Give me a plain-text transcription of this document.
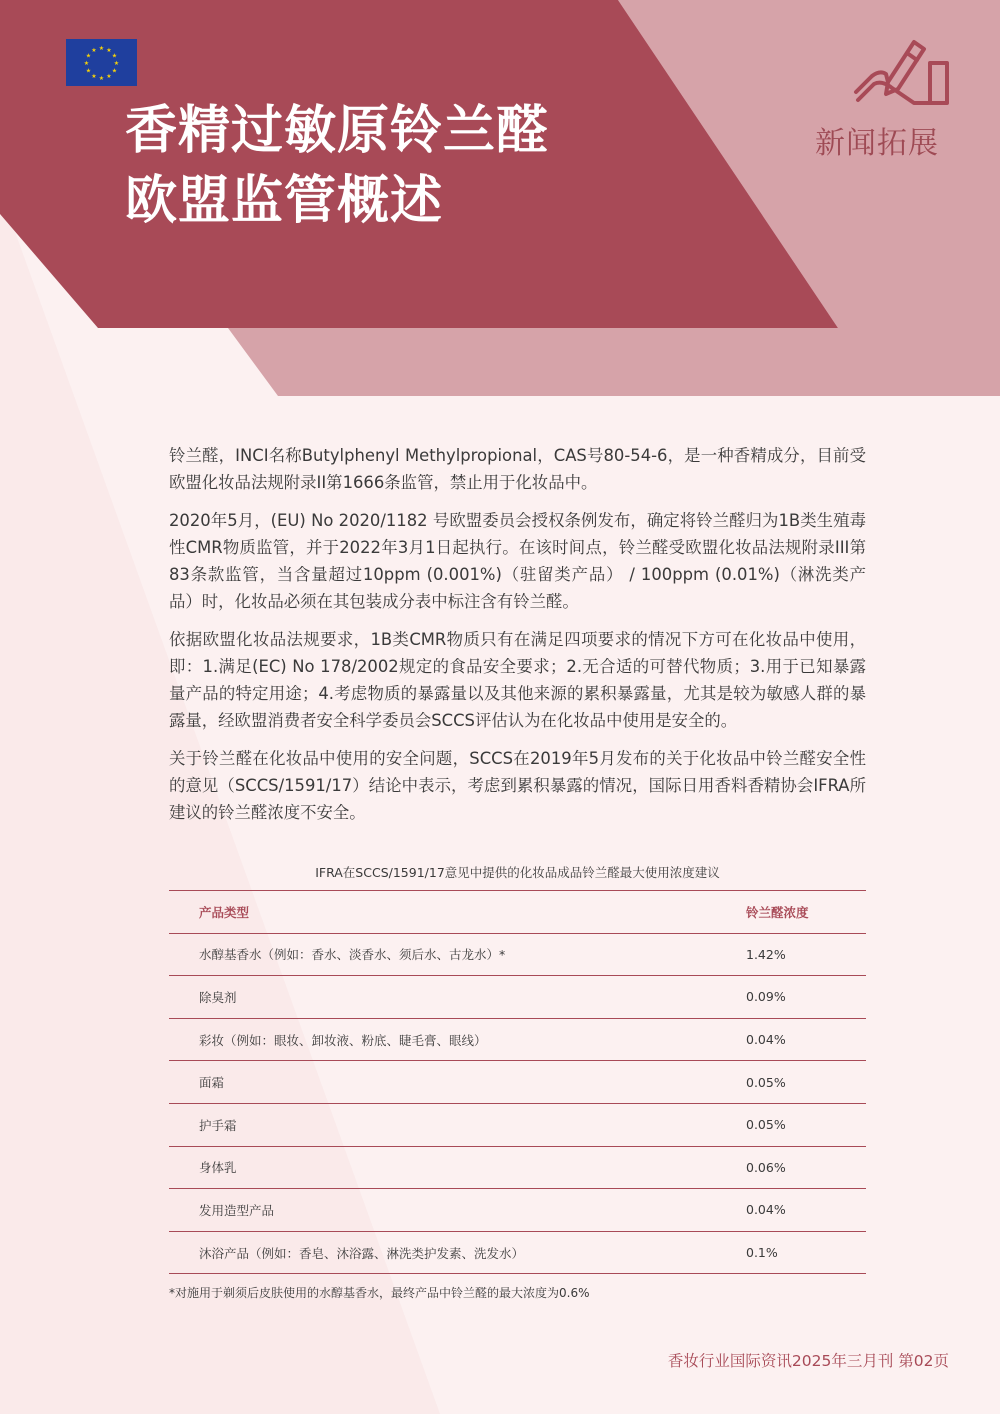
★ ★
★
★
★
★
★
★
★
★
★
★
香精过敏原铃兰醛
欧盟监管概述
新闻拓展

铃兰醛，INCI名称Butylphenyl Methylpropional，CAS号80-54-6，是一种香精成分，目前受欧盟化妆品法规附录II第1666条监管，禁止用于化妆品中。

2020年5月，(EU) No 2020/1182 号欧盟委员会授权条例发布，确定将铃兰醛归为1B类生殖毒性CMR物质监管，并于2022年3月1日起执行。在该时间点，铃兰醛受欧盟化妆品法规附录III第83条款监管，当含量超过10ppm (0.001%)（驻留类产品） / 100ppm (0.01%)（淋洗类产品）时，化妆品必须在其包装成分表中标注含有铃兰醛。

依据欧盟化妆品法规要求，1B类CMR物质只有在满足四项要求的情况下方可在化妆品中使用，即：1.满足(EC) No 178/2002规定的食品安全要求；2.无合适的可替代物质；3.用于已知暴露量产品的特定用途；4.考虑物质的暴露量以及其他来源的累积暴露量，尤其是较为敏感人群的暴露量，经欧盟消费者安全科学委员会SCCS评估认为在化妆品中使用是安全的。

关于铃兰醛在化妆品中使用的安全问题，SCCS在2019年5月发布的关于化妆品中铃兰醛安全性的意见（SCCS/1591/17）结论中表示，考虑到累积暴露的情况，国际日用香料香精协会IFRA所建议的铃兰醛浓度不安全。

IFRA在SCCS/1591/17意见中提供的化妆品成品铃兰醛最大使用浓度建议
产品类型	铃兰醛浓度
水醇基香水（例如：香水、淡香水、须后水、古龙水）*	1.42%
除臭剂	0.09%
彩妆（例如：眼妆、卸妆液、粉底、睫毛膏、眼线）	0.04%
面霜	0.05%
护手霜	0.05%
身体乳	0.06%
发用造型产品	0.04%
沐浴产品（例如：香皂、沐浴露、淋洗类护发素、洗发水）	0.1%
*对施用于剃须后皮肤使用的水醇基香水，最终产品中铃兰醛的最大浓度为0.6%
香妆行业国际资讯2025年三月刊 第02页
